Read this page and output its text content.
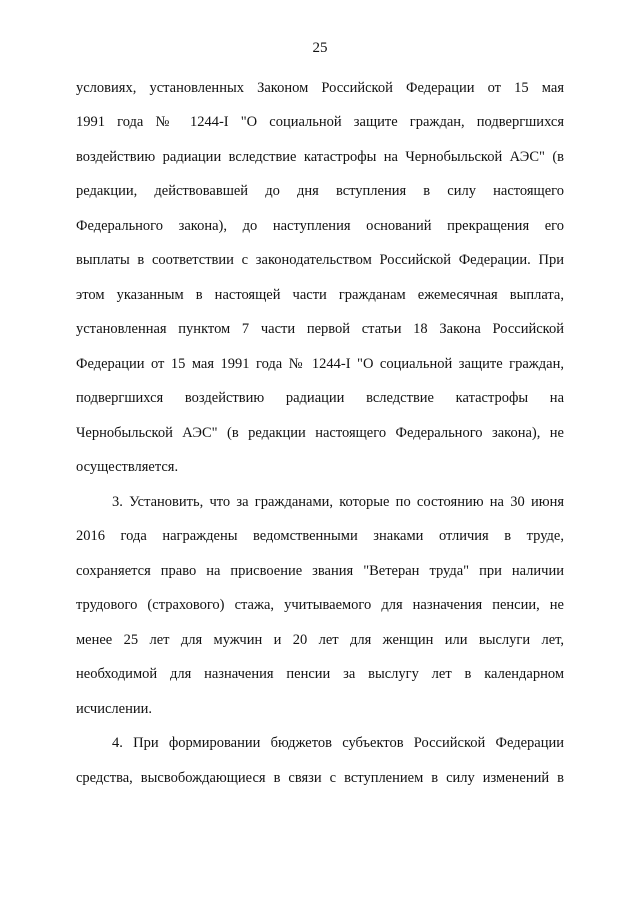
25
условиях, установленных Законом Российской Федерации от 15 мая
1991 года № 1244-I "О социальной защите граждан, подвергшихся
воздействию радиации вследствие катастрофы на Чернобыльской АЭС" (в
редакции, действовавшей до дня вступления в силу настоящего
Федерального закона), до наступления оснований прекращения его
выплаты в соответствии с законодательством Российской Федерации. При
этом указанным в настоящей части гражданам ежемесячная выплата,
установленная пунктом 7 части первой статьи 18 Закона Российской
Федерации от 15 мая 1991 года № 1244-I "О социальной защите граждан,
подвергшихся воздействию радиации вследствие катастрофы на
Чернобыльской АЭС" (в редакции настоящего Федерального закона), не
осуществляется.
3. Установить, что за гражданами, которые по состоянию на 30 июня
2016 года награждены ведомственными знаками отличия в труде,
сохраняется право на присвоение звания "Ветеран труда" при наличии
трудового (страхового) стажа, учитываемого для назначения пенсии, не
менее 25 лет для мужчин и 20 лет для женщин или выслуги лет,
необходимой для назначения пенсии за выслугу лет в календарном
исчислении.
4. При формировании бюджетов субъектов Российской Федерации
средства, высвобождающиеся в связи с вступлением в силу изменений в
